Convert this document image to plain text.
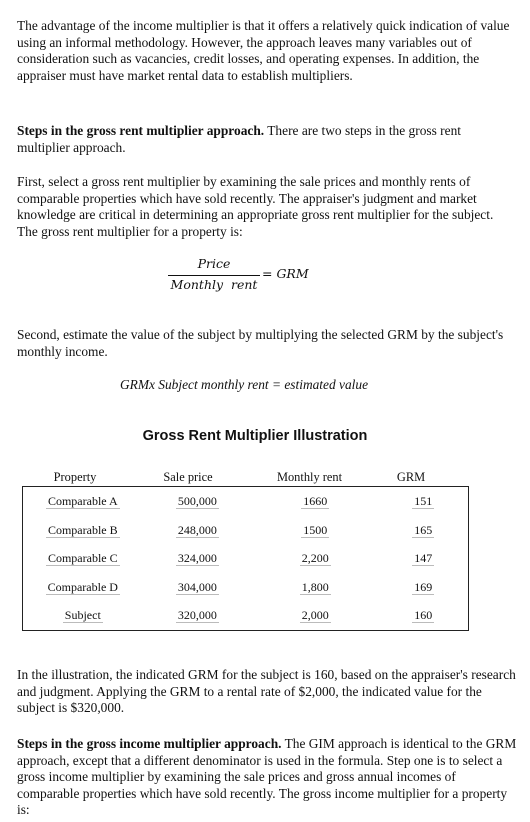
The advantage of the income multiplier is that it offers a relatively quick indication of value using an informal methodology. However, the approach leaves many variables out of consideration such as vacancies, credit losses, and operating expenses. In addition, the appraiser must have market rental data to establish multipliers.

Steps in the gross rent multiplier approach. There are two steps in the gross rent multiplier approach.

First, select a gross rent multiplier by examining the sale prices and monthly rents of comparable properties which have sold recently. The appraiser's judgment and market knowledge are critical in determining an appropriate gross rent multiplier for the subject. The gross rent multiplier for a property is:

Price
Monthly  rent
= GRM

Second, estimate the value of the subject by multiplying the selected GRM by the subject's monthly income.

GRMx Subject monthly rent = estimated value
Gross Rent Multiplier Illustration
Property	Sale price	Monthly rent	GRM
Comparable A	500,000	1660	151
Comparable B	248,000	1500	165
Comparable C	324,000	2,200	147
Comparable D	304,000	1,800	169
Subject	320,000	2,000	160

In the illustration, the indicated GRM for the subject is 160, based on the appraiser's research and judgment. Applying the GRM to a rental rate of $2,000, the indicated value for the subject is $320,000.

Steps in the gross income multiplier approach. The GIM approach is identical to the GRM approach, except that a different denominator is used in the formula. Step one is to select a gross income multiplier by examining the sale prices and gross annual incomes of comparable properties which have sold recently. The gross income multiplier for a property is:
